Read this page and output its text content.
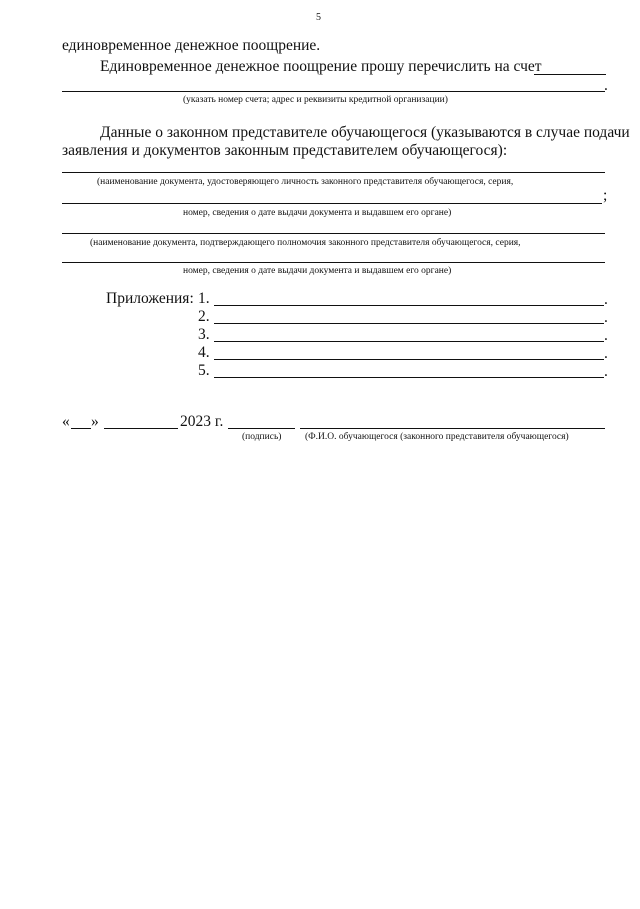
5
единовременное денежное поощрение.
Единовременное денежное поощрение прошу перечислить на счет
.
(указать номер счета; адрес и реквизиты кредитной организации)
Данные о законном представителе обучающегося (указываются в случае подачи
заявления и документов законным представителем обучающегося):
(наименование документа, удостоверяющего личность законного представителя обучающегося, серия,
;
номер, сведения о дате выдачи документа и выдавшем его органе)
(наименование документа, подтверждающего полномочия законного представителя обучающегося, серия,
номер, сведения о дате выдачи документа и выдавшем его органе)
Приложения: 1.	.
2.	.
3.	.
4.	.
5.	.
« »	2023 г.
(подпись) (Ф.И.О. обучающегося (законного представителя обучающегося)
